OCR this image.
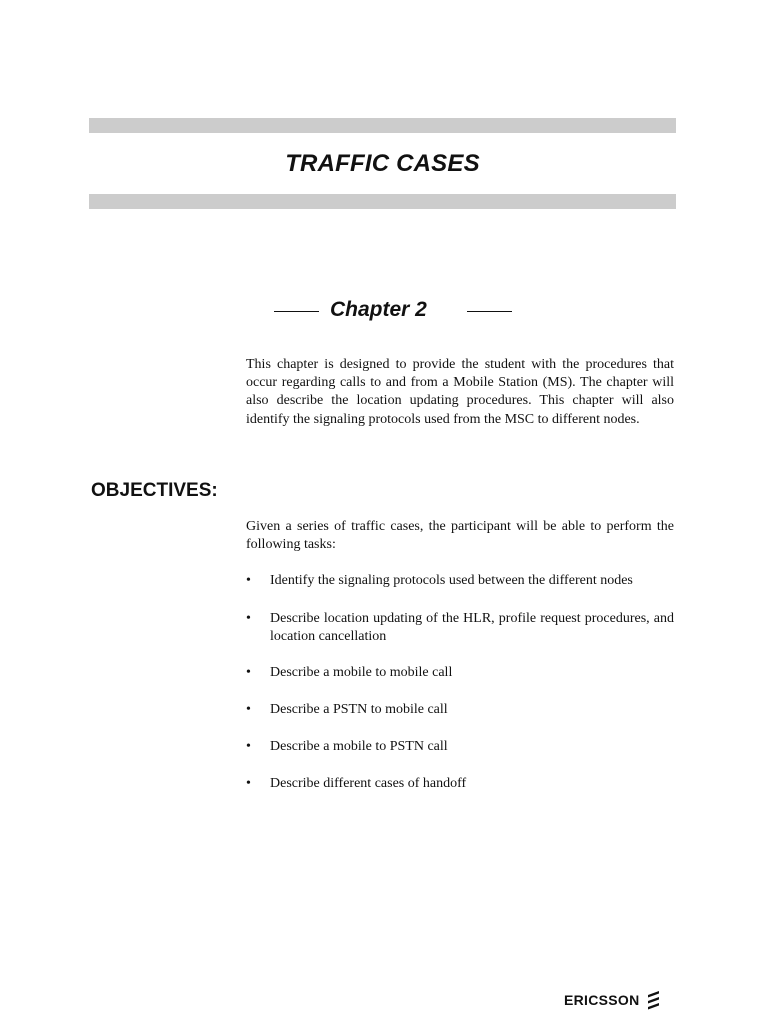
TRAFFIC CASES
Chapter 2

This chapter is designed to provide the student with the procedures that occur regarding calls to and from a Mobile Station (MS). The chapter will also describe the location updating procedures. This chapter will also identify the signaling protocols used from the MSC to different nodes.

OBJECTIVES:

Given a series of traffic cases, the participant will be able to perform the following tasks:

• Identify the signaling protocols used between the different nodes
• Describe location updating of the HLR, profile request procedures, and location cancellation
• Describe a mobile to mobile call
• Describe a PSTN to mobile call
• Describe a mobile to PSTN call
• Describe different cases of handoff
ERICSSON
